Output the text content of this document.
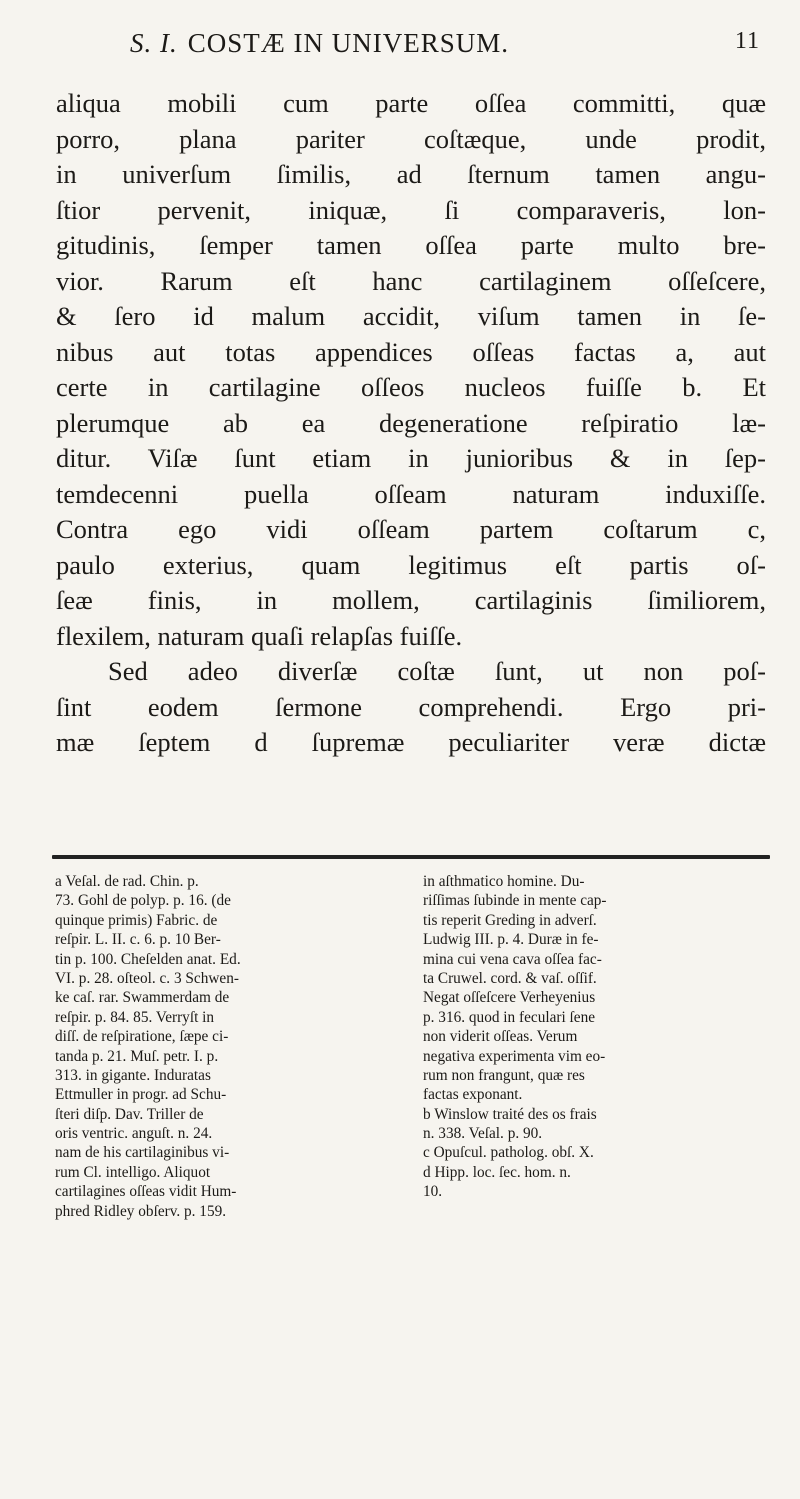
S. I. COSTÆ IN UNIVERSUM.	11
aliqua mobili cum parte oſſea committi, quæ
porro, plana pariter coſtæque, unde prodit,
in univerſum ſimilis, ad ſternum tamen angu-
ſtior pervenit, iniquæ, ſi comparaveris, lon-
gitudinis, ſemper tamen oſſea parte multo bre-
vior. Rarum eſt hanc cartilaginem oſſeſcere,
& ſero id malum accidit, viſum tamen in ſe-
nibus aut totas appendices oſſeas factas a, aut
certe in cartilagine oſſeos nucleos fuiſſe b. Et
plerumque ab ea degeneratione reſpiratio læ-
ditur. Viſæ ſunt etiam in junioribus & in ſep-
temdecenni puella oſſeam naturam induxiſſe.
Contra ego vidi oſſeam partem coſtarum c,
paulo exterius, quam legitimus eſt partis oſ-
ſeæ finis, in mollem, cartilaginis ſimiliorem,
flexilem, naturam quaſi relapſas fuiſſe.
Sed adeo diverſæ coſtæ ſunt, ut non poſ-
ſint eodem ſermone comprehendi. Ergo pri-
mæ ſeptem d ſupremæ peculiariter veræ dictæ
a Veſal. de rad. Chin. p.
73. Gohl de polyp. p. 16. (de
quinque primis) Fabric. de
reſpir. L. II. c. 6. p. 10 Ber-
tin p. 100. Cheſelden anat. Ed.
VI. p. 28. oſteol. c. 3 Schwen-
ke caſ. rar. Swammerdam de
reſpir. p. 84. 85. Verryſt in
diſſ. de reſpiratione, ſæpe ci-
tanda p. 21. Muſ. petr. I. p.
313. in gigante. Induratas
Ettmuller in progr. ad Schu-
ſteri diſp. Dav. Triller de
oris ventric. anguſt. n. 24.
nam de his cartilaginibus vi-
rum Cl. intelligo. Aliquot
cartilagines oſſeas vidit Hum-
phred Ridley obſerv. p. 159.
in aſthmatico homine. Du-
riſſimas ſubinde in mente cap-
tis reperit Greding in adverſ.
Ludwig III. p. 4. Duræ in fe-
mina cui vena cava oſſea fac-
ta Cruwel. cord. & vaſ. oſſif.
Negat oſſeſcere Verheyenius
p. 316. quod in feculari ſene
non viderit oſſeas. Verum
negativa experimenta vim eo-
rum non frangunt, quæ res
factas exponant.
b Winslow traité des os frais
n. 338. Veſal. p. 90.
c Opuſcul. patholog. obſ. X.
d Hipp. loc. ſec. hom. n.
10.
